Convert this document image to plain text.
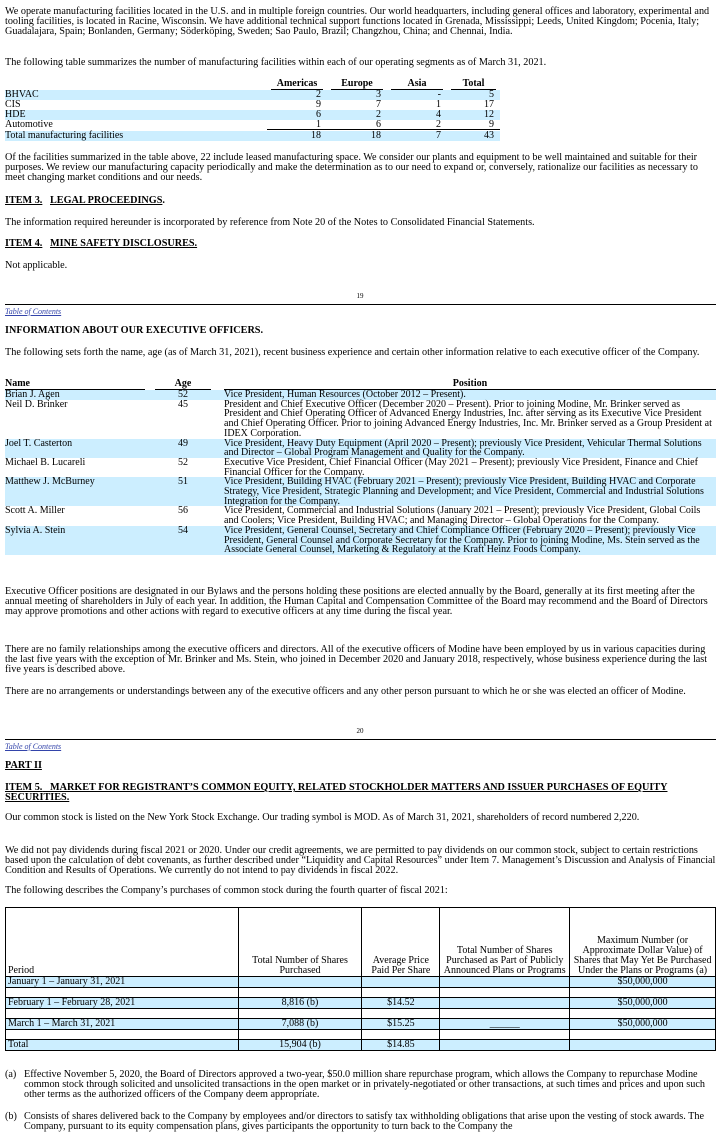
We operate manufacturing facilities located in the U.S. and in multiple foreign countries. Our world headquarters, including general offices and laboratory, experimental and tooling facilities, is located in Racine, Wisconsin. We have additional technical support functions located in Grenada, Mississippi; Leeds, United Kingdom; Pocenia, Italy; Guadalajara, Spain; Bonlanden, Germany; Söderköping, Sweden; Sao Paulo, Brazil; Changzhou, China; and Chennai, India.

The following table summarizes the number of manufacturing facilities within each of our operating segments as of March 31, 2021.

	Americas	Europe	Asia	Total

BHVAC	2	3	-	5
CIS	9	7	1	17
HDE	6	2	4	12
Automotive	1	6	2	9
Total manufacturing facilities	18	18	7	43

Of the facilities summarized in the table above, 22 include leased manufacturing space. We consider our plants and equipment to be well maintained and suitable for their purposes. We review our manufacturing capacity periodically and make the determination as to our need to expand or, conversely, rationalize our facilities as necessary to meet changing market conditions and our needs.

ITEM 3. LEGAL PROCEEDINGS.

The information required hereunder is incorporated by reference from Note 20 of the Notes to Consolidated Financial Statements.

ITEM 4. MINE SAFETY DISCLOSURES.

Not applicable.

19
Table of Contents
INFORMATION ABOUT OUR EXECUTIVE OFFICERS.

The following sets forth the name, age (as of March 31, 2021), recent business experience and certain other information relative to each executive officer of the Company.

Name		Age		Position

Brian J. Agen		52		Vice President, Human Resources (October 2012 – Present).
Neil D. Brinker		45		President and Chief Executive Officer (December 2020 – Present). Prior to joining Modine, Mr. Brinker served as President and Chief Operating Officer of Advanced Energy Industries, Inc. after serving as its Executive Vice President and Chief Operating Officer. Prior to joining Advanced Energy Industries, Inc. Mr. Brinker served as a Group President at IDEX Corporation.
Joel T. Casterton		49		Vice President, Heavy Duty Equipment (April 2020 – Present); previously Vice President, Vehicular Thermal Solutions and Director – Global Program Management and Quality for the Company.
Michael B. Lucareli		52		Executive Vice President, Chief Financial Officer (May 2021 – Present); previously Vice President, Finance and Chief Financial Officer for the Company.
Matthew J. McBurney		51		Vice President, Building HVAC (February 2021 – Present); previously Vice President, Building HVAC and Corporate Strategy, Vice President, Strategic Planning and Development; and Vice President, Commercial and Industrial Solutions Integration for the Company.
Scott A. Miller		56		Vice President, Commercial and Industrial Solutions (January 2021 – Present); previously Vice President, Global Coils and Coolers; Vice President, Building HVAC; and Managing Director – Global Operations for the Company.
Sylvia A. Stein		54		Vice President, General Counsel, Secretary and Chief Compliance Officer (February 2020 – Present); previously Vice President, General Counsel and Corporate Secretary for the Company. Prior to joining Modine, Ms. Stein served as the Associate General Counsel, Marketing & Regulatory at the Kraft Heinz Foods Company.

Executive Officer positions are designated in our Bylaws and the persons holding these positions are elected annually by the Board, generally at its first meeting after the annual meeting of shareholders in July of each year. In addition, the Human Capital and Compensation Committee of the Board may recommend and the Board of Directors may approve promotions and other actions with regard to executive officers at any time during the fiscal year.

There are no family relationships among the executive officers and directors. All of the executive officers of Modine have been employed by us in various capacities during the last five years with the exception of Mr. Brinker and Ms. Stein, who joined in December 2020 and January 2018, respectively, whose business experience during the last five years is described above.

There are no arrangements or understandings between any of the executive officers and any other person pursuant to which he or she was elected an officer of Modine.

20
Table of Contents
PART II
ITEM 5. MARKET FOR REGISTRANT’S COMMON EQUITY, RELATED STOCKHOLDER MATTERS AND ISSUER PURCHASES OF EQUITY SECURITIES.

Our common stock is listed on the New York Stock Exchange. Our trading symbol is MOD. As of March 31, 2021, shareholders of record numbered 2,220.

We did not pay dividends during fiscal 2021 or 2020. Under our credit agreements, we are permitted to pay dividends on our common stock, subject to certain restrictions based upon the calculation of debt covenants, as further described under “Liquidity and Capital Resources” under Item 7. Management’s Discussion and Analysis of Financial Condition and Results of Operations. We currently do not intend to pay dividends in fiscal 2022.

The following describes the Company’s purchases of common stock during the fourth quarter of fiscal 2021:

Period	Total Number of Shares Purchased	Average Price Paid Per Share	Total Number of Shares Purchased as Part of Publicly Announced Plans or Programs	Maximum Number (or Approximate Dollar Value) of Shares that May Yet Be Purchased Under the Plans or Programs (a)
January 1 – January 31, 2021				$50,000,000

February 1 – February 28, 2021	8,816 (b)	$14.52		$50,000,000

March 1 – March 31, 2021	7,088 (b)	$15.25	______	$50,000,000

Total	15,904 (b)	$14.85		
(a) Effective November 5, 2020, the Board of Directors approved a two-year, $50.0 million share repurchase program, which allows the Company to repurchase Modine common stock through solicited and unsolicited transactions in the open market or in privately-negotiated or other transactions, at such times and prices and upon such other terms as the authorized officers of the Company deem appropriate.

(b) Consists of shares delivered back to the Company by employees and/or directors to satisfy tax withholding obligations that arise upon the vesting of stock awards. The Company, pursuant to its equity compensation plans, gives participants the opportunity to turn back to the Company the
